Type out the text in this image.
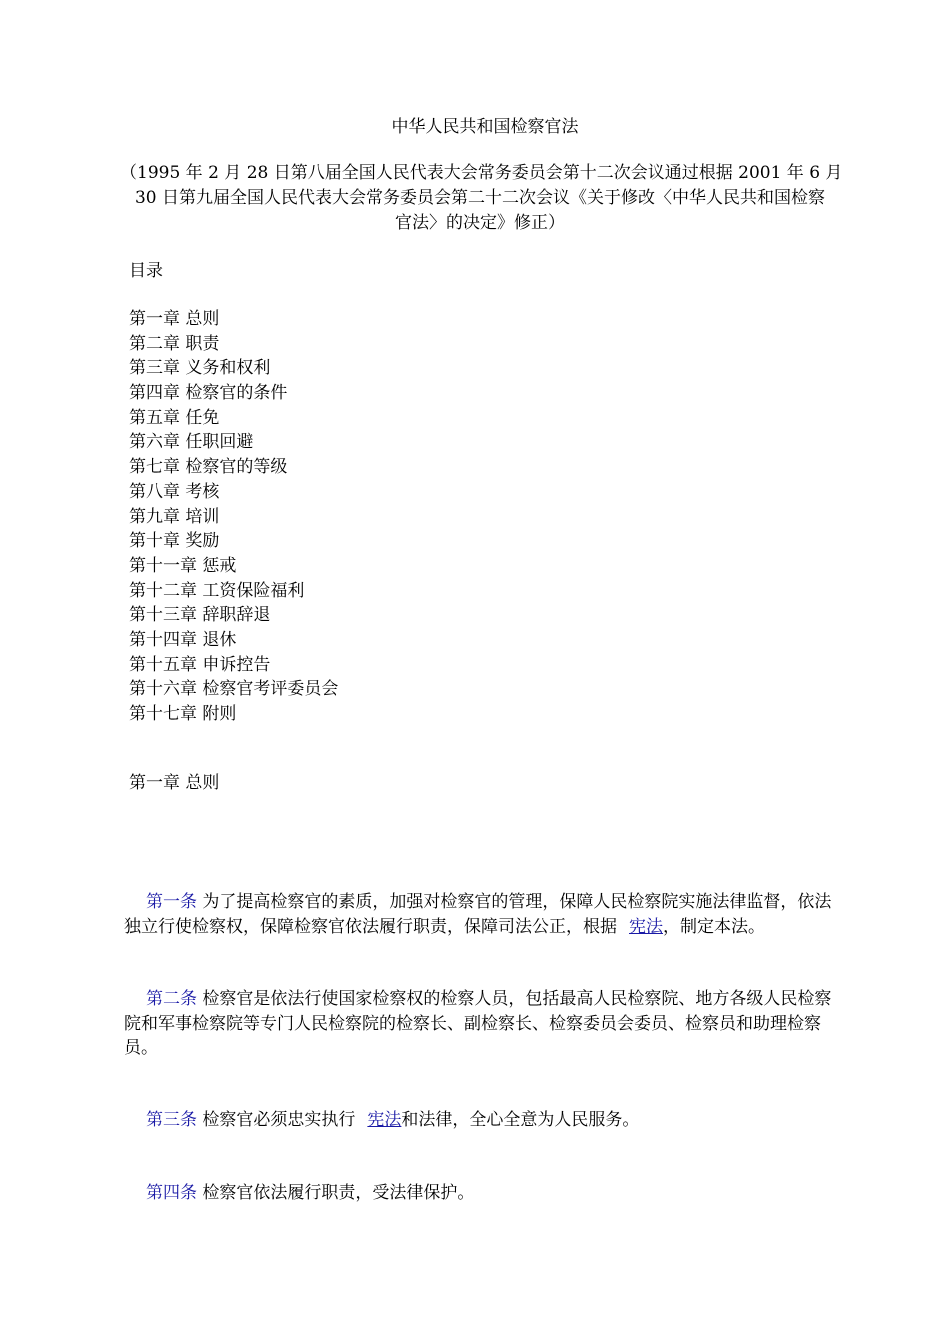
中华人民共和国检察官法
（1995 年 2 月 28 日第八届全国人民代表大会常务委员会第十二次会议通过根据 2001 年 6 月
30 日第九届全国人民代表大会常务委员会第二十二次会议《关于修改〈中华人民共和国检察
官法〉的决定》修正）
目录
第一章 总则
第二章 职责
第三章 义务和权利
第四章 检察官的条件
第五章 任免
第六章 任职回避
第七章 检察官的等级
第八章 考核
第九章 培训
第十章 奖励
第十一章 惩戒
第十二章 工资保险福利
第十三章 辞职辞退
第十四章 退休
第十五章 申诉控告
第十六章 检察官考评委员会
第十七章 附则
第一章 总则

第一条 为了提高检察官的素质，加强对检察官的管理，保障人民检察院实施法律监督，依法独立行使检察权，保障检察官依法履行职责，保障司法公正，根据 宪法，制定本法。

第二条 检察官是依法行使国家检察权的检察人员，包括最高人民检察院、地方各级人民检察院和军事检察院等专门人民检察院的检察长、副检察长、检察委员会委员、检察员和助理检察员。

第三条 检察官必须忠实执行 宪法和法律，全心全意为人民服务。

第四条 检察官依法履行职责，受法律保护。
